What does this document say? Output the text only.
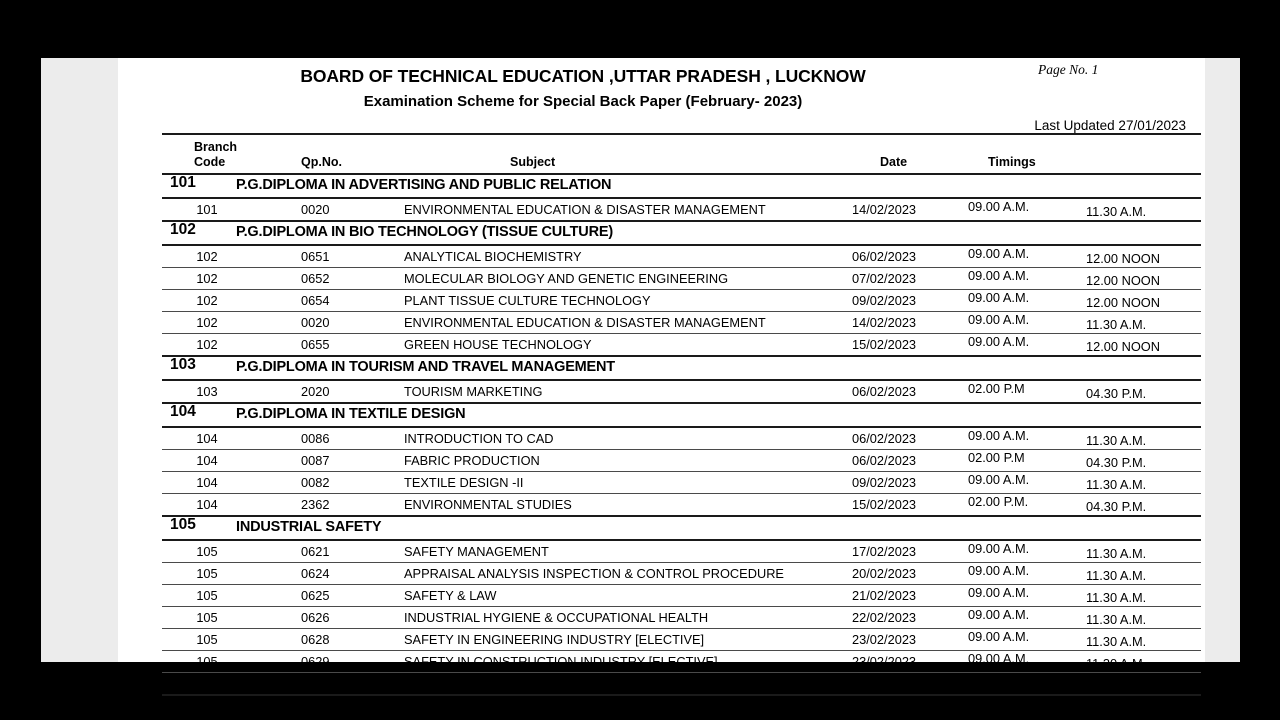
BOARD OF TECHNICAL EDUCATION ,UTTAR PRADESH , LUCKNOW
Examination Scheme for Special Back Paper (February- 2023)
Page No. 1
Last Updated 27/01/2023
Branch
Code	Qp.No.	Subject	Date	Timings
101	P.G.DIPLOMA IN ADVERTISING AND PUBLIC RELATION
101	0020	ENVIRONMENTAL EDUCATION & DISASTER MANAGEMENT	14/02/2023	09.00 A.M.	11.30 A.M.
102	P.G.DIPLOMA IN BIO TECHNOLOGY (TISSUE CULTURE)
102	0651	ANALYTICAL BIOCHEMISTRY	06/02/2023	09.00 A.M.	12.00 NOON
102	0652	MOLECULAR BIOLOGY AND GENETIC ENGINEERING	07/02/2023	09.00 A.M.	12.00 NOON
102	0654	PLANT TISSUE CULTURE TECHNOLOGY	09/02/2023	09.00 A.M.	12.00 NOON
102	0020	ENVIRONMENTAL EDUCATION & DISASTER MANAGEMENT	14/02/2023	09.00 A.M.	11.30 A.M.
102	0655	GREEN HOUSE TECHNOLOGY	15/02/2023	09.00 A.M.	12.00 NOON
103	P.G.DIPLOMA IN TOURISM AND TRAVEL MANAGEMENT
103	2020	TOURISM MARKETING	06/02/2023	02.00 P.M	04.30 P.M.
104	P.G.DIPLOMA IN TEXTILE DESIGN
104	0086	INTRODUCTION TO CAD	06/02/2023	09.00 A.M.	11.30 A.M.
104	0087	FABRIC PRODUCTION	06/02/2023	02.00 P.M	04.30 P.M.
104	0082	TEXTILE DESIGN -II	09/02/2023	09.00 A.M.	11.30 A.M.
104	2362	ENVIRONMENTAL STUDIES	15/02/2023	02.00 P.M.	04.30 P.M.
105	INDUSTRIAL SAFETY
105	0621	SAFETY MANAGEMENT	17/02/2023	09.00 A.M.	11.30 A.M.
105	0624	APPRAISAL ANALYSIS INSPECTION & CONTROL PROCEDURE	20/02/2023	09.00 A.M.	11.30 A.M.
105	0625	SAFETY & LAW	21/02/2023	09.00 A.M.	11.30 A.M.
105	0626	INDUSTRIAL HYGIENE & OCCUPATIONAL HEALTH	22/02/2023	09.00 A.M.	11.30 A.M.
105	0628	SAFETY IN ENGINEERING INDUSTRY [ELECTIVE]	23/02/2023	09.00 A.M.	11.30 A.M.
105	0629	SAFETY IN CONSTRUCTION INDUSTRY [ELECTIVE]	23/02/2023	09.00 A.M.	11.30 A.M.
105	2025	FIRE,EXPLOSIN,TOXICITY & RISK ASSESSMENT [ELECTIVE]	23/02/2023	09.00 A.M.	11.30 A.M.
